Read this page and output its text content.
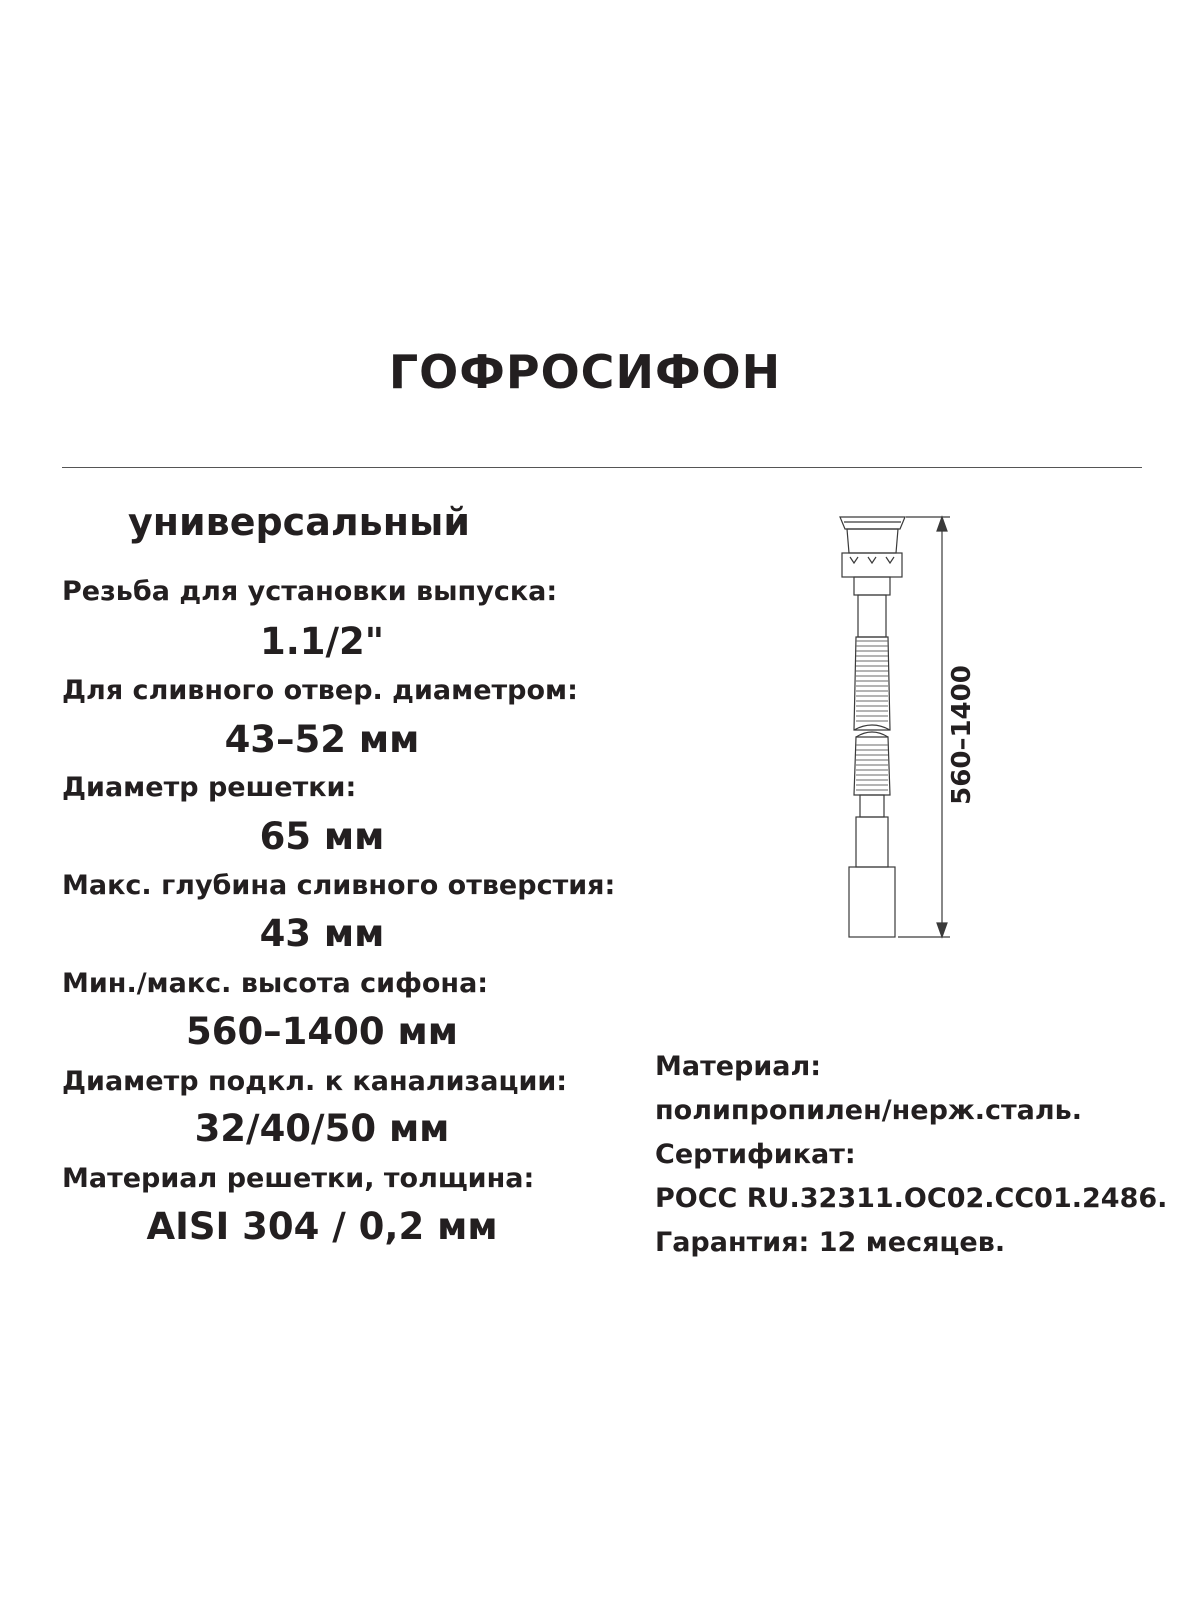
ГОФРОСИФОН
универсальный
Резьба для установки выпуска:
1.1/2"
Для сливного отвер. диаметром:
43–52 мм
Диаметр решетки:
65 мм
Макс. глубина сливного отверстия:
43 мм
Мин./макс. высота сифона:
560–1400 мм
Диаметр подкл. к канализации:
32/40/50 мм
Материал решетки, толщина:
AISI 304 / 0,2 мм
Материал:
полипропилен/нерж.сталь.
Сертификат:
РОСС RU.32311.ОС02.СС01.2486.
Гарантия: 12 месяцев.
560–1400
